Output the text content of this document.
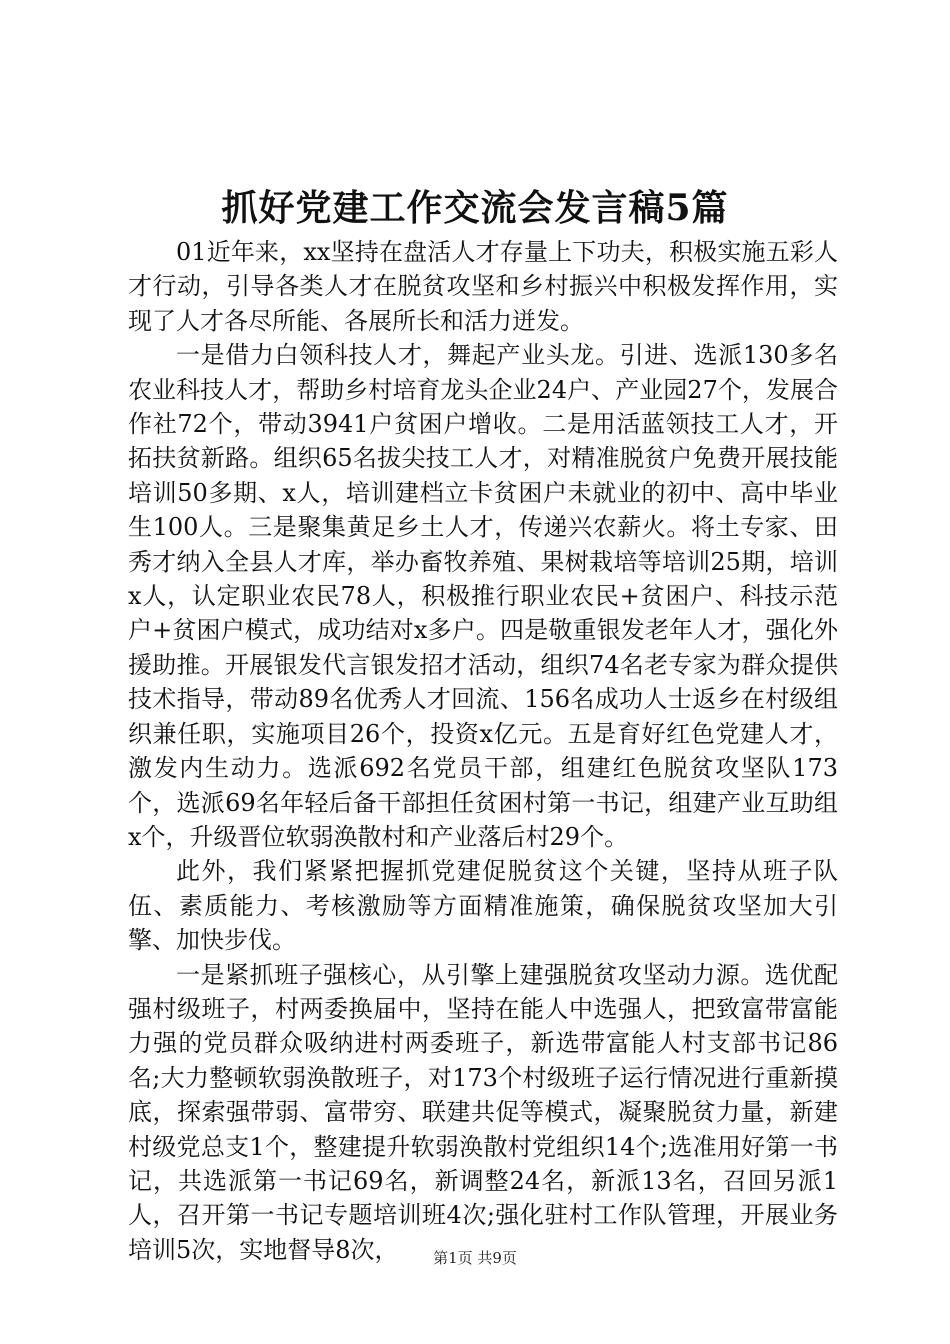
抓好党建工作交流会发言稿5篇

01近年来，xx坚持在盘活人才存量上下功夫，积极实施五彩人才行动，引导各类人才在脱贫攻坚和乡村振兴中积极发挥作用，实现了人才各尽所能、各展所长和活力迸发。

一是借力白领科技人才，舞起产业头龙。引进、选派130多名农业科技人才，帮助乡村培育龙头企业24户、产业园27个，发展合作社72个，带动3941户贫困户增收。二是用活蓝领技工人才，开拓扶贫新路。组织65名拔尖技工人才，对精准脱贫户免费开展技能培训50多期、x人，培训建档立卡贫困户未就业的初中、高中毕业生100人。三是聚集黄足乡土人才，传递兴农薪火。将土专家、田秀才纳入全县人才库，举办畜牧养殖、果树栽培等培训25期，培训x人，认定职业农民78人，积极推行职业农民+贫困户、科技示范户+贫困户模式，成功结对x多户。四是敬重银发老年人才，强化外援助推。开展银发代言银发招才活动，组织74名老专家为群众提供技术指导，带动89名优秀人才回流、156名成功人士返乡在村级组织兼任职，实施项目26个，投资x亿元。五是育好红色党建人才，激发内生动力。选派692名党员干部，组建红色脱贫攻坚队173个，选派69名年轻后备干部担任贫困村第一书记，组建产业互助组x个，升级晋位软弱涣散村和产业落后村29个。

此外，我们紧紧把握抓党建促脱贫这个关键，坚持从班子队伍、素质能力、考核激励等方面精准施策，确保脱贫攻坚加大引擎、加快步伐。

一是紧抓班子强核心，从引擎上建强脱贫攻坚动力源。选优配强村级班子，村两委换届中，坚持在能人中选强人，把致富带富能力强的党员群众吸纳进村两委班子，新选带富能人村支部书记86名;大力整顿软弱涣散班子，对173个村级班子运行情况进行重新摸底，探索强带弱、富带穷、联建共促等模式，凝聚脱贫力量，新建村级党总支1个，整建提升软弱涣散村党组织14个;选准用好第一书记，共选派第一书记69名，新调整24名，新派13名，召回另派1人，召开第一书记专题培训班4次;强化驻村工作队管理，开展业务培训5次，实地督导8次，	第1页 共9页
